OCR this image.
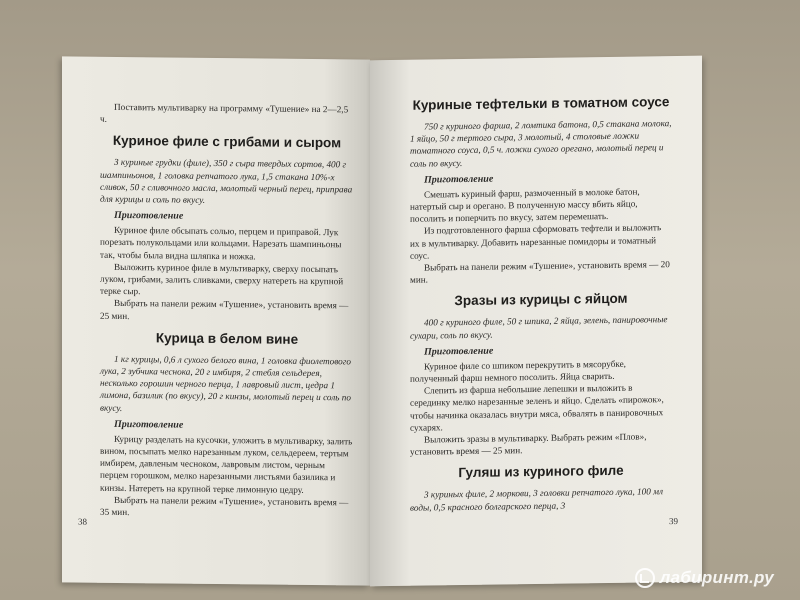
Поставить мультиварку на программу «Тушение» на 2—2,5 ч.

Куриное филе с грибами и сыром

3 куриные грудки (филе), 350 г сыра твердых сортов, 400 г шампиньонов, 1 головка репчатого лука, 1,5 стакана 10%-х сливок, 50 г сливочного масла, молотый черный перец, приправа для курицы и соль по вкусу.

Приготовление

Куриное филе обсыпать солью, перцем и приправой. Лук порезать полукольцами или кольцами. Нарезать шампиньоны так, чтобы была видна шляпка и ножка.

Выложить куриное филе в мультиварку, сверху посыпать луком, грибами, залить сливками, сверху натереть на крупной терке сыр.

Выбрать на панели режим «Тушение», установить время — 25 мин.

Курица в белом вине

1 кг курицы, 0,6 л сухого белого вина, 1 головка фиолетового лука, 2 зубчика чеснока, 20 г имбиря, 2 стебля сельдерея, несколько горошин черного перца, 1 лавровый лист, цедра 1 лимона, базилик (по вкусу), 20 г кинзы, молотый перец и соль по вкусу.

Приготовление

Курицу разделать на кусочки, уложить в мультиварку, залить вином, посыпать мелко нарезанным луком, сельдереем, тертым имбирем, давленым чесноком, лавровым листом, черным перцем горошком, мелко нарезанными листьями базилика и кинзы. Натереть на крупной терке лимонную цедру.

Выбрать на панели режим «Тушение», установить время — 35 мин.

38
Куриные тефтельки в томатном соусе

750 г куриного фарша, 2 ломтика батона, 0,5 стакана молока, 1 яйцо, 50 г тертого сыра, 3 молотый, 4 столовые ложки томатного соуса, 0,5 ч. ложки сухого орегано, молотый перец и соль по вкусу.

Приготовление

Смешать куриный фарш, размоченный в молоке батон, натертый сыр и орегано. В полученную массу вбить яйцо, посолить и поперчить по вкусу, затем перемешать.

Из подготовленного фарша сформовать тефтели и выложить их в мультиварку. Добавить нарезанные помидоры и томатный соус.

Выбрать на панели режим «Тушение», установить время — 20 мин.

Зразы из курицы с яйцом

400 г куриного филе, 50 г шпика, 2 яйца, зелень, панировочные сухари, соль по вкусу.

Приготовление

Куриное филе со шпиком перекрутить в мясорубке, полученный фарш немного посолить. Яйца сварить.

Слепить из фарша небольшие лепешки и выложить в серединку мелко нарезанные зеленъ и яйцо. Сделать «пирожок», чтобы начинка оказалась внутри мяса, обвалять в панировочных сухарях.

Выложить зразы в мультиварку. Выбрать режим «Плов», установить время — 25 мин.

Гуляш из куриного филе

3 куриных филе, 2 моркови, 3 головки репчатого лука, 100 мл воды, 0,5 красного болгарского перца, 3

39
лабиринт.ру
